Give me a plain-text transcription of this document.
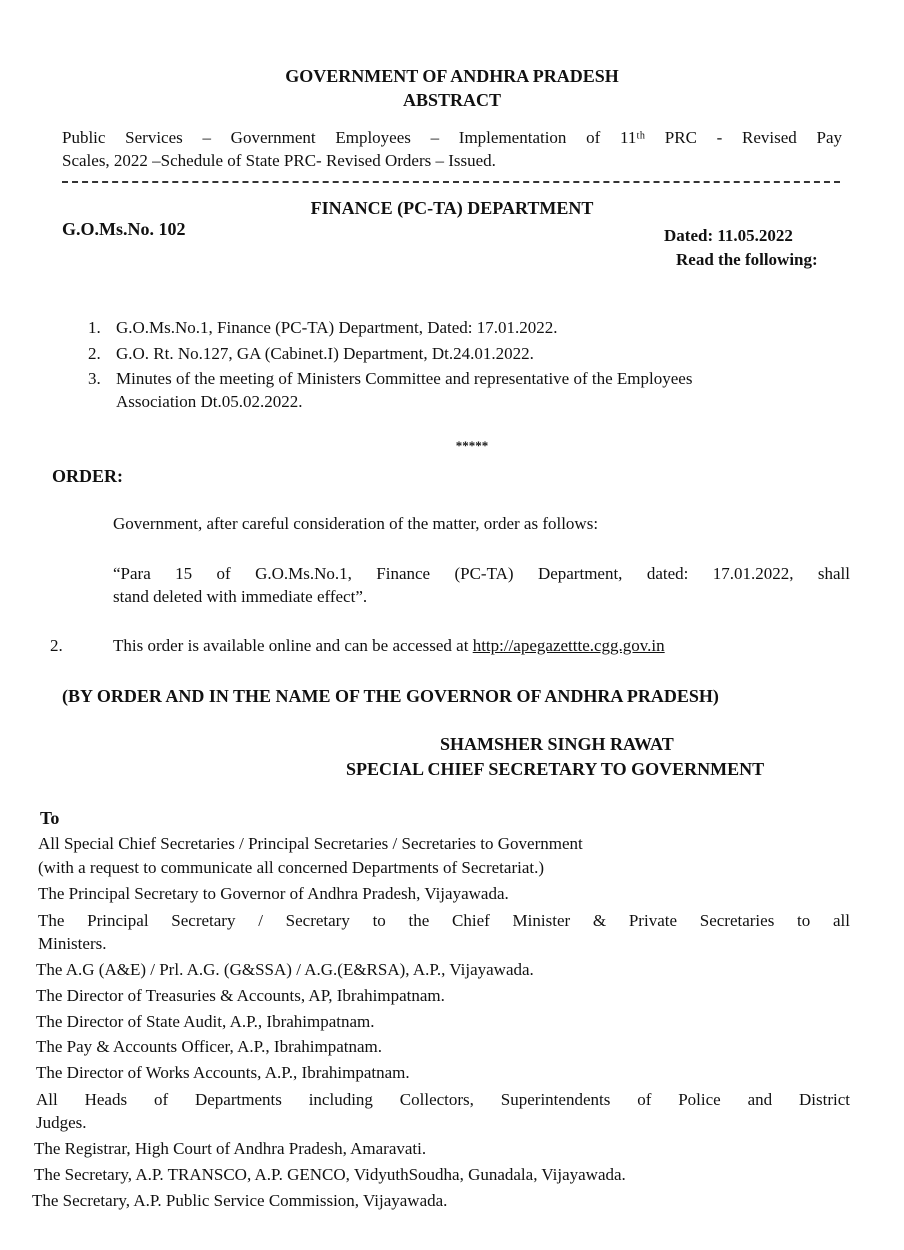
GOVERNMENT OF ANDHRA PRADESH
ABSTRACT
Public Services – Government Employees – Implementation of 11ᵗʰ PRC - Revised Pay
Scales, 2022 –Schedule of State PRC- Revised Orders – Issued.
FINANCE (PC-TA) DEPARTMENT
G.O.Ms.No. 102	Dated: 11.05.2022
Read the following:
1. G.O.Ms.No.1, Finance (PC-TA) Department, Dated: 17.01.2022.
2. G.O. Rt. No.127, GA (Cabinet.I) Department, Dt.24.01.2022.
3. Minutes of the meeting of Ministers Committee and representative of the Employees
Association Dt.05.02.2022.
*****
ORDER:
Government, after careful consideration of the matter, order as follows:
“Para 15 of G.O.Ms.No.1, Finance (PC-TA) Department, dated: 17.01.2022, shall
stand deleted with immediate effect”.
2.	This order is available online and can be accessed at http://apegazettte.cgg.gov.in
(BY ORDER AND IN THE NAME OF THE GOVERNOR OF ANDHRA PRADESH)
SHAMSHER SINGH RAWAT
SPECIAL CHIEF SECRETARY TO GOVERNMENT
To
All Special Chief Secretaries / Principal Secretaries / Secretaries to Government
(with a request to communicate all concerned Departments of Secretariat.)
The Principal Secretary to Governor of Andhra Pradesh, Vijayawada.
The Principal Secretary / Secretary to the Chief Minister & Private Secretaries to all
Ministers.
The A.G (A&E) / Prl. A.G. (G&SSA) / A.G.(E&RSA), A.P., Vijayawada.
The Director of Treasuries & Accounts, AP, Ibrahimpatnam.
The Director of State Audit, A.P., Ibrahimpatnam.
The Pay & Accounts Officer, A.P., Ibrahimpatnam.
The Director of Works Accounts, A.P., Ibrahimpatnam.
All Heads of Departments including Collectors, Superintendents of Police and District
Judges.
The Registrar, High Court of Andhra Pradesh, Amaravati.
The Secretary, A.P. TRANSCO, A.P. GENCO, VidyuthSoudha, Gunadala, Vijayawada.
The Secretary, A.P. Public Service Commission, Vijayawada.
